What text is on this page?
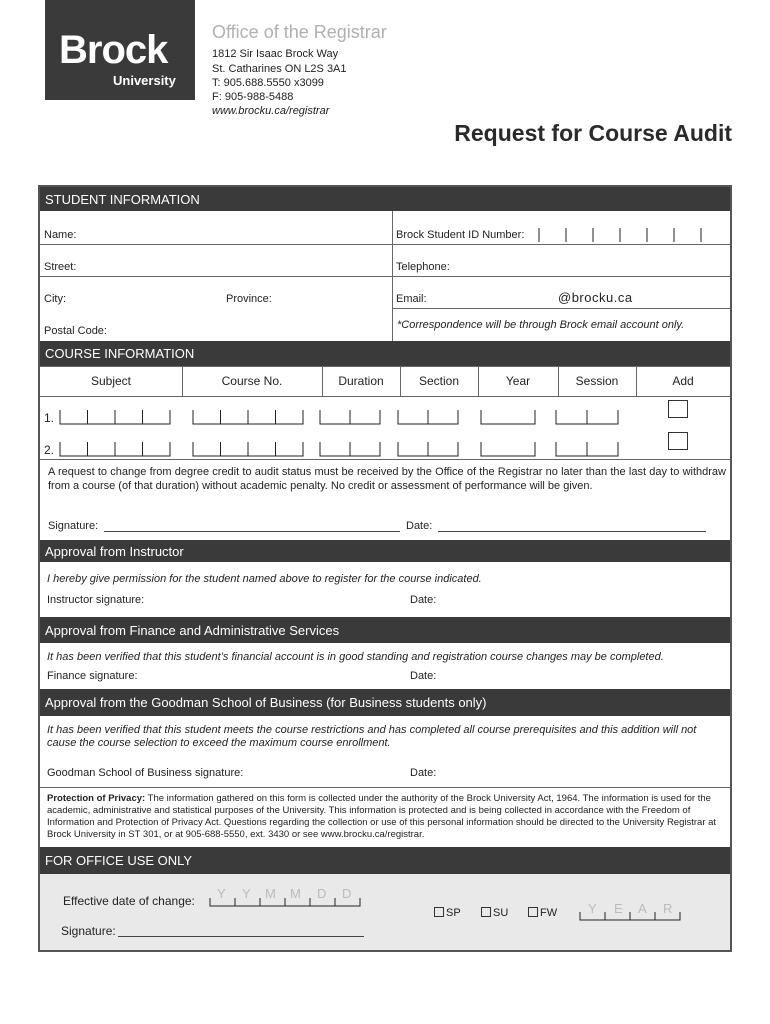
Brock
University
Office of the Registrar
1812 Sir Isaac Brock Way
St. Catharines ON L2S 3A1
T: 905.688.5550 x3099
F: 905-988-5488
www.brocku.ca/registrar
Request for Course Audit
STUDENT INFORMATION
Name:	Brock Student ID Number:
Street:	Telephone:
City:	Province:	Email:	@brocku.ca
*Correspondence will be through Brock email account only.
Postal Code:
COURSE INFORMATION
Subject	Course No.	Duration	Section	Year	Session	Add
1.
2.
A request to change from degree credit to audit status must be received by the Office of the Registrar no later than the last day to withdraw from a course (of that duration) without academic penalty. No credit or assessment of performance will be given.
Signature:	Date:
Approval from Instructor
I hereby give permission for the student named above to register for the course indicated.
Instructor signature:	Date:
Approval from Finance and Administrative Services
It has been verified that this student’s financial account is in good standing and registration course changes may be completed.
Finance signature:	Date:
Approval from the Goodman School of Business (for Business students only)
It has been verified that this student meets the course restrictions and has completed all course prerequisites and this addition will not cause the course selection to exceed the maximum course enrollment.
Goodman School of Business signature:	Date:
Protection of Privacy: The information gathered on this form is collected under the authority of the Brock University Act, 1964. The information is used for the academic, administrative and statistical purposes of the University. This information is protected and is being collected in accordance with the Freedom of Information and Protection of Privacy Act. Questions regarding the collection or use of this personal information should be directed to the University Registrar at Brock University in ST 301, or at 905-688-5550, ext. 3430 or see www.brocku.ca/registrar.
FOR OFFICE USE ONLY
Effective date of change: Y Y M M D D
SP	SU	FW Y E A R
Signature:
